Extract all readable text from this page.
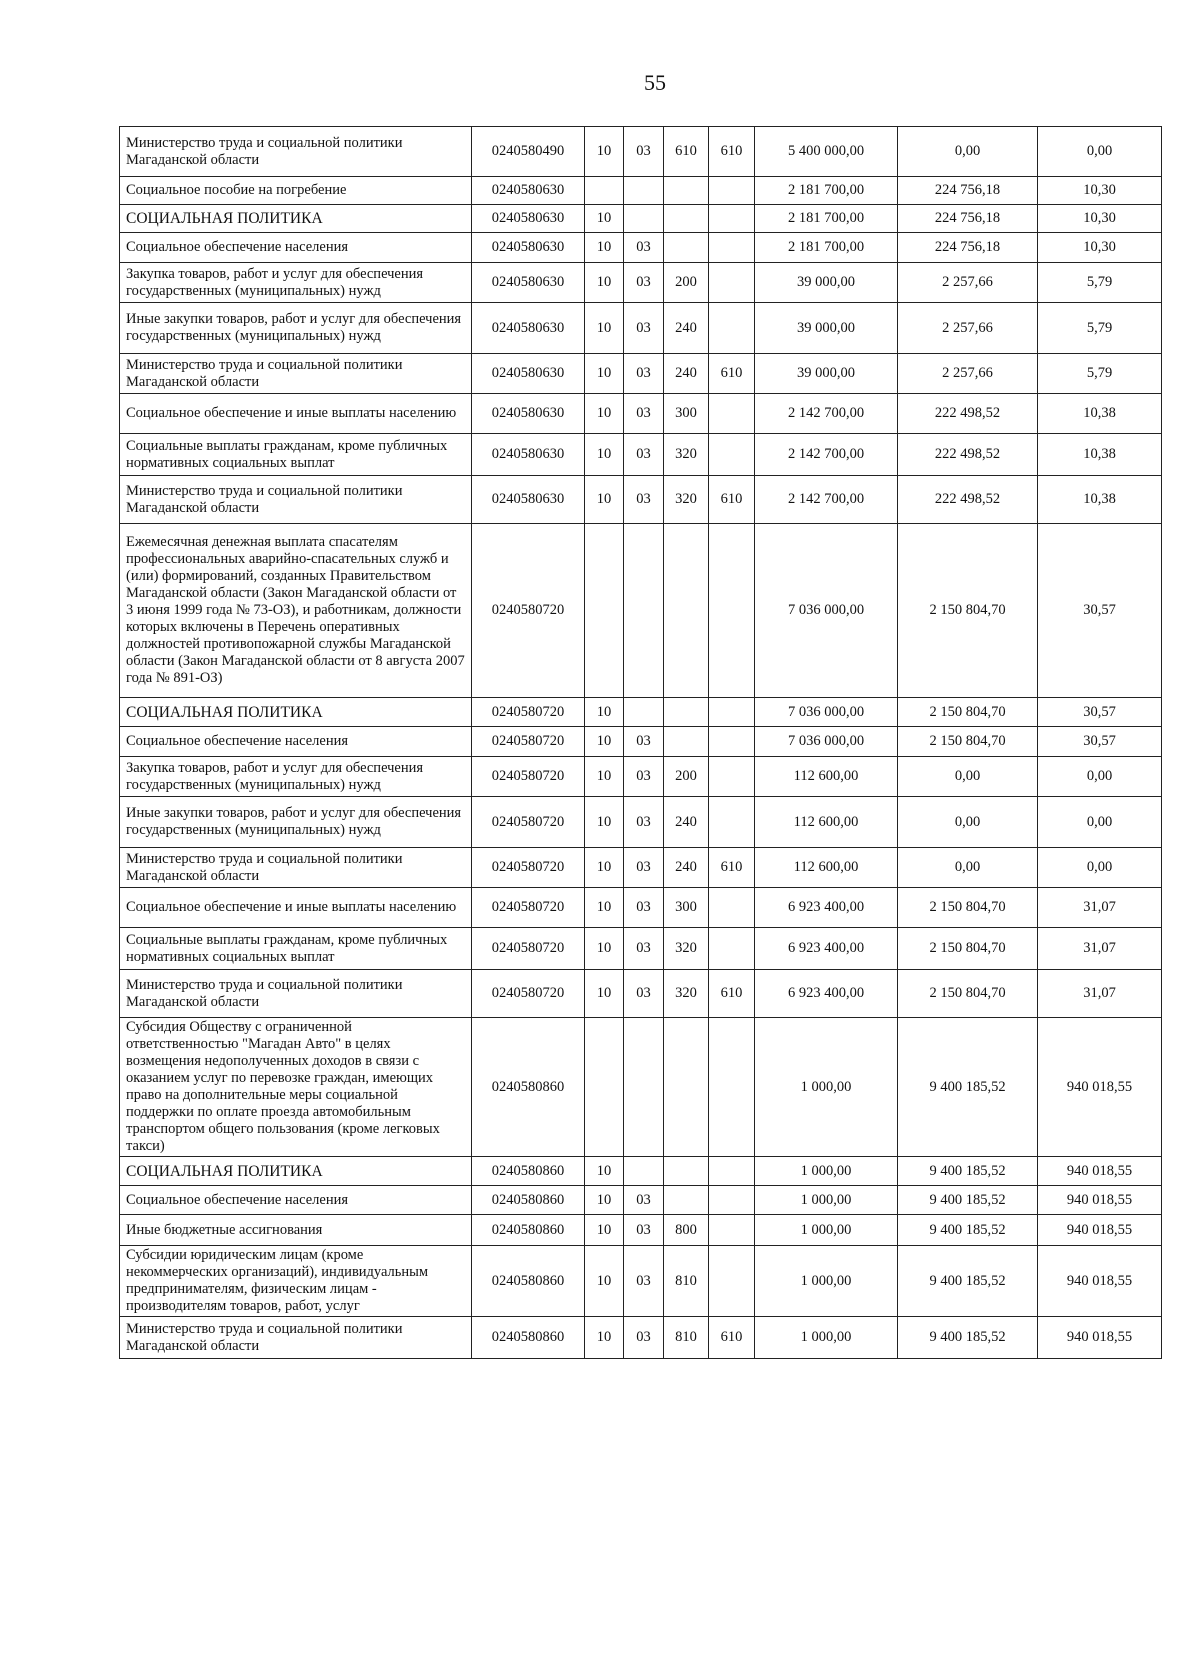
55
Министерство труда и социальной политики Магаданской области	0240580490	10	03	610	610	5 400 000,00	0,00	0,00
Социальное пособие на погребение	0240580630					2 181 700,00	224 756,18	10,30
СОЦИАЛЬНАЯ ПОЛИТИКА	0240580630	10				2 181 700,00	224 756,18	10,30
Социальное обеспечение населения	0240580630	10	03			2 181 700,00	224 756,18	10,30
Закупка товаров, работ и услуг для обеспечения государственных (муниципальных) нужд	0240580630	10	03	200		39 000,00	2 257,66	5,79
Иные закупки товаров, работ и услуг для обеспечения государственных (муниципальных) нужд	0240580630	10	03	240		39 000,00	2 257,66	5,79
Министерство труда и социальной политики Магаданской области	0240580630	10	03	240	610	39 000,00	2 257,66	5,79
Социальное обеспечение и иные выплаты населению	0240580630	10	03	300		2 142 700,00	222 498,52	10,38
Социальные выплаты гражданам, кроме публичных нормативных социальных выплат	0240580630	10	03	320		2 142 700,00	222 498,52	10,38
Министерство труда и социальной политики Магаданской области	0240580630	10	03	320	610	2 142 700,00	222 498,52	10,38
Ежемесячная денежная выплата спасателям профессиональных аварийно-спасательных служб и (или) формирований, созданных Правительством Магаданской области (Закон Магаданской области от 3 июня 1999 года № 73-ОЗ), и работникам, должности которых включены в Перечень оперативных должностей противопожарной службы Магаданской области (Закон Магаданской области от 8 августа 2007 года № 891-ОЗ)	0240580720					7 036 000,00	2 150 804,70	30,57
СОЦИАЛЬНАЯ ПОЛИТИКА	0240580720	10				7 036 000,00	2 150 804,70	30,57
Социальное обеспечение населения	0240580720	10	03			7 036 000,00	2 150 804,70	30,57
Закупка товаров, работ и услуг для обеспечения государственных (муниципальных) нужд	0240580720	10	03	200		112 600,00	0,00	0,00
Иные закупки товаров, работ и услуг для обеспечения государственных (муниципальных) нужд	0240580720	10	03	240		112 600,00	0,00	0,00
Министерство труда и социальной политики Магаданской области	0240580720	10	03	240	610	112 600,00	0,00	0,00
Социальное обеспечение и иные выплаты населению	0240580720	10	03	300		6 923 400,00	2 150 804,70	31,07
Социальные выплаты гражданам, кроме публичных нормативных социальных выплат	0240580720	10	03	320		6 923 400,00	2 150 804,70	31,07
Министерство труда и социальной политики Магаданской области	0240580720	10	03	320	610	6 923 400,00	2 150 804,70	31,07
Субсидия Обществу с ограниченной ответственностью "Магадан Авто" в целях возмещения недополученных доходов в связи с оказанием услуг по перевозке граждан, имеющих право на дополнительные меры социальной поддержки по оплате проезда автомобильным транспортом общего пользования (кроме легковых такси)	0240580860					1 000,00	9 400 185,52	940 018,55
СОЦИАЛЬНАЯ ПОЛИТИКА	0240580860	10				1 000,00	9 400 185,52	940 018,55
Социальное обеспечение населения	0240580860	10	03			1 000,00	9 400 185,52	940 018,55
Иные бюджетные ассигнования	0240580860	10	03	800		1 000,00	9 400 185,52	940 018,55
Субсидии юридическим лицам (кроме некоммерческих организаций), индивидуальным предпринимателям, физическим лицам - производителям товаров, работ, услуг	0240580860	10	03	810		1 000,00	9 400 185,52	940 018,55
Министерство труда и социальной политики Магаданской области	0240580860	10	03	810	610	1 000,00	9 400 185,52	940 018,55
